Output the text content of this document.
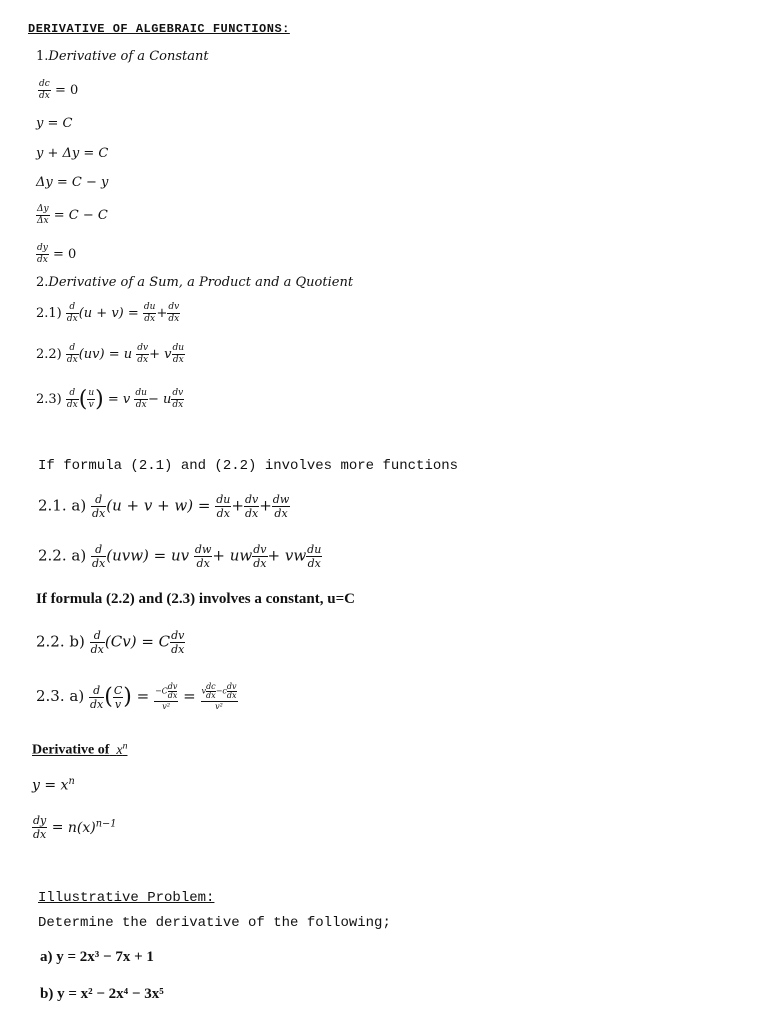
DERIVATIVE OF ALGEBRAIC FUNCTIONS:
1.Derivative of a Constant
$\frac{dc}{dx} = 0$
y = C
y + Δy = C
Δy = C − y
$\frac{\Delta y}{\Delta x} = C - C$
$\frac{dy}{dx} = 0$
2.Derivative of a Sum, a Product and a Quotient
$2.1) \frac{d}{dx} (u + v) = \frac{du}{dx} + \frac{dv}{dx}$
$2.2) \frac{d}{dx} (uv) = u \frac{dv}{dx} + v \frac{du}{dx}$
$2.3) \frac{d}{dx}$ ( $\frac{u}{v}$ ) = v $\frac{du}{dx} - u \frac{dv}{dx}$
If formula (2.1) and (2.2) involves more functions
2.1. $a) \frac{d}{dx} (u + v + w) = \frac{du}{dx} + \frac{dv}{dx} + \frac{dw}{dx}$
2.2. $a) \frac{d}{dx} (uvw)$ = uv $\frac{dw}{dx}$ + uw $\frac{dv}{dx}$ + vw $\frac{du}{dx}$
If formula (2.2) and (2.3) involves a constant, u=C
2.2. $b) \frac{d}{dx} (Cv) = C \frac{dv}{dx}$
2.3. $a) \frac{d}{dx}$ ( $\frac{C}{v}$ ) = $-C \frac{dv}{dx}$
v²
= v $\frac{dc}{dx} -c \frac{dv}{dx}$
v²
Derivative of $x^n$
$y = x^n$
$\frac{dy}{dx} = n(x)^{n-1}$
Illustrative Problem:
Determine the derivative of the following;
a) y = 2x³ − 7x + 1
b) y = x² − 2x⁴ − 3x⁵
